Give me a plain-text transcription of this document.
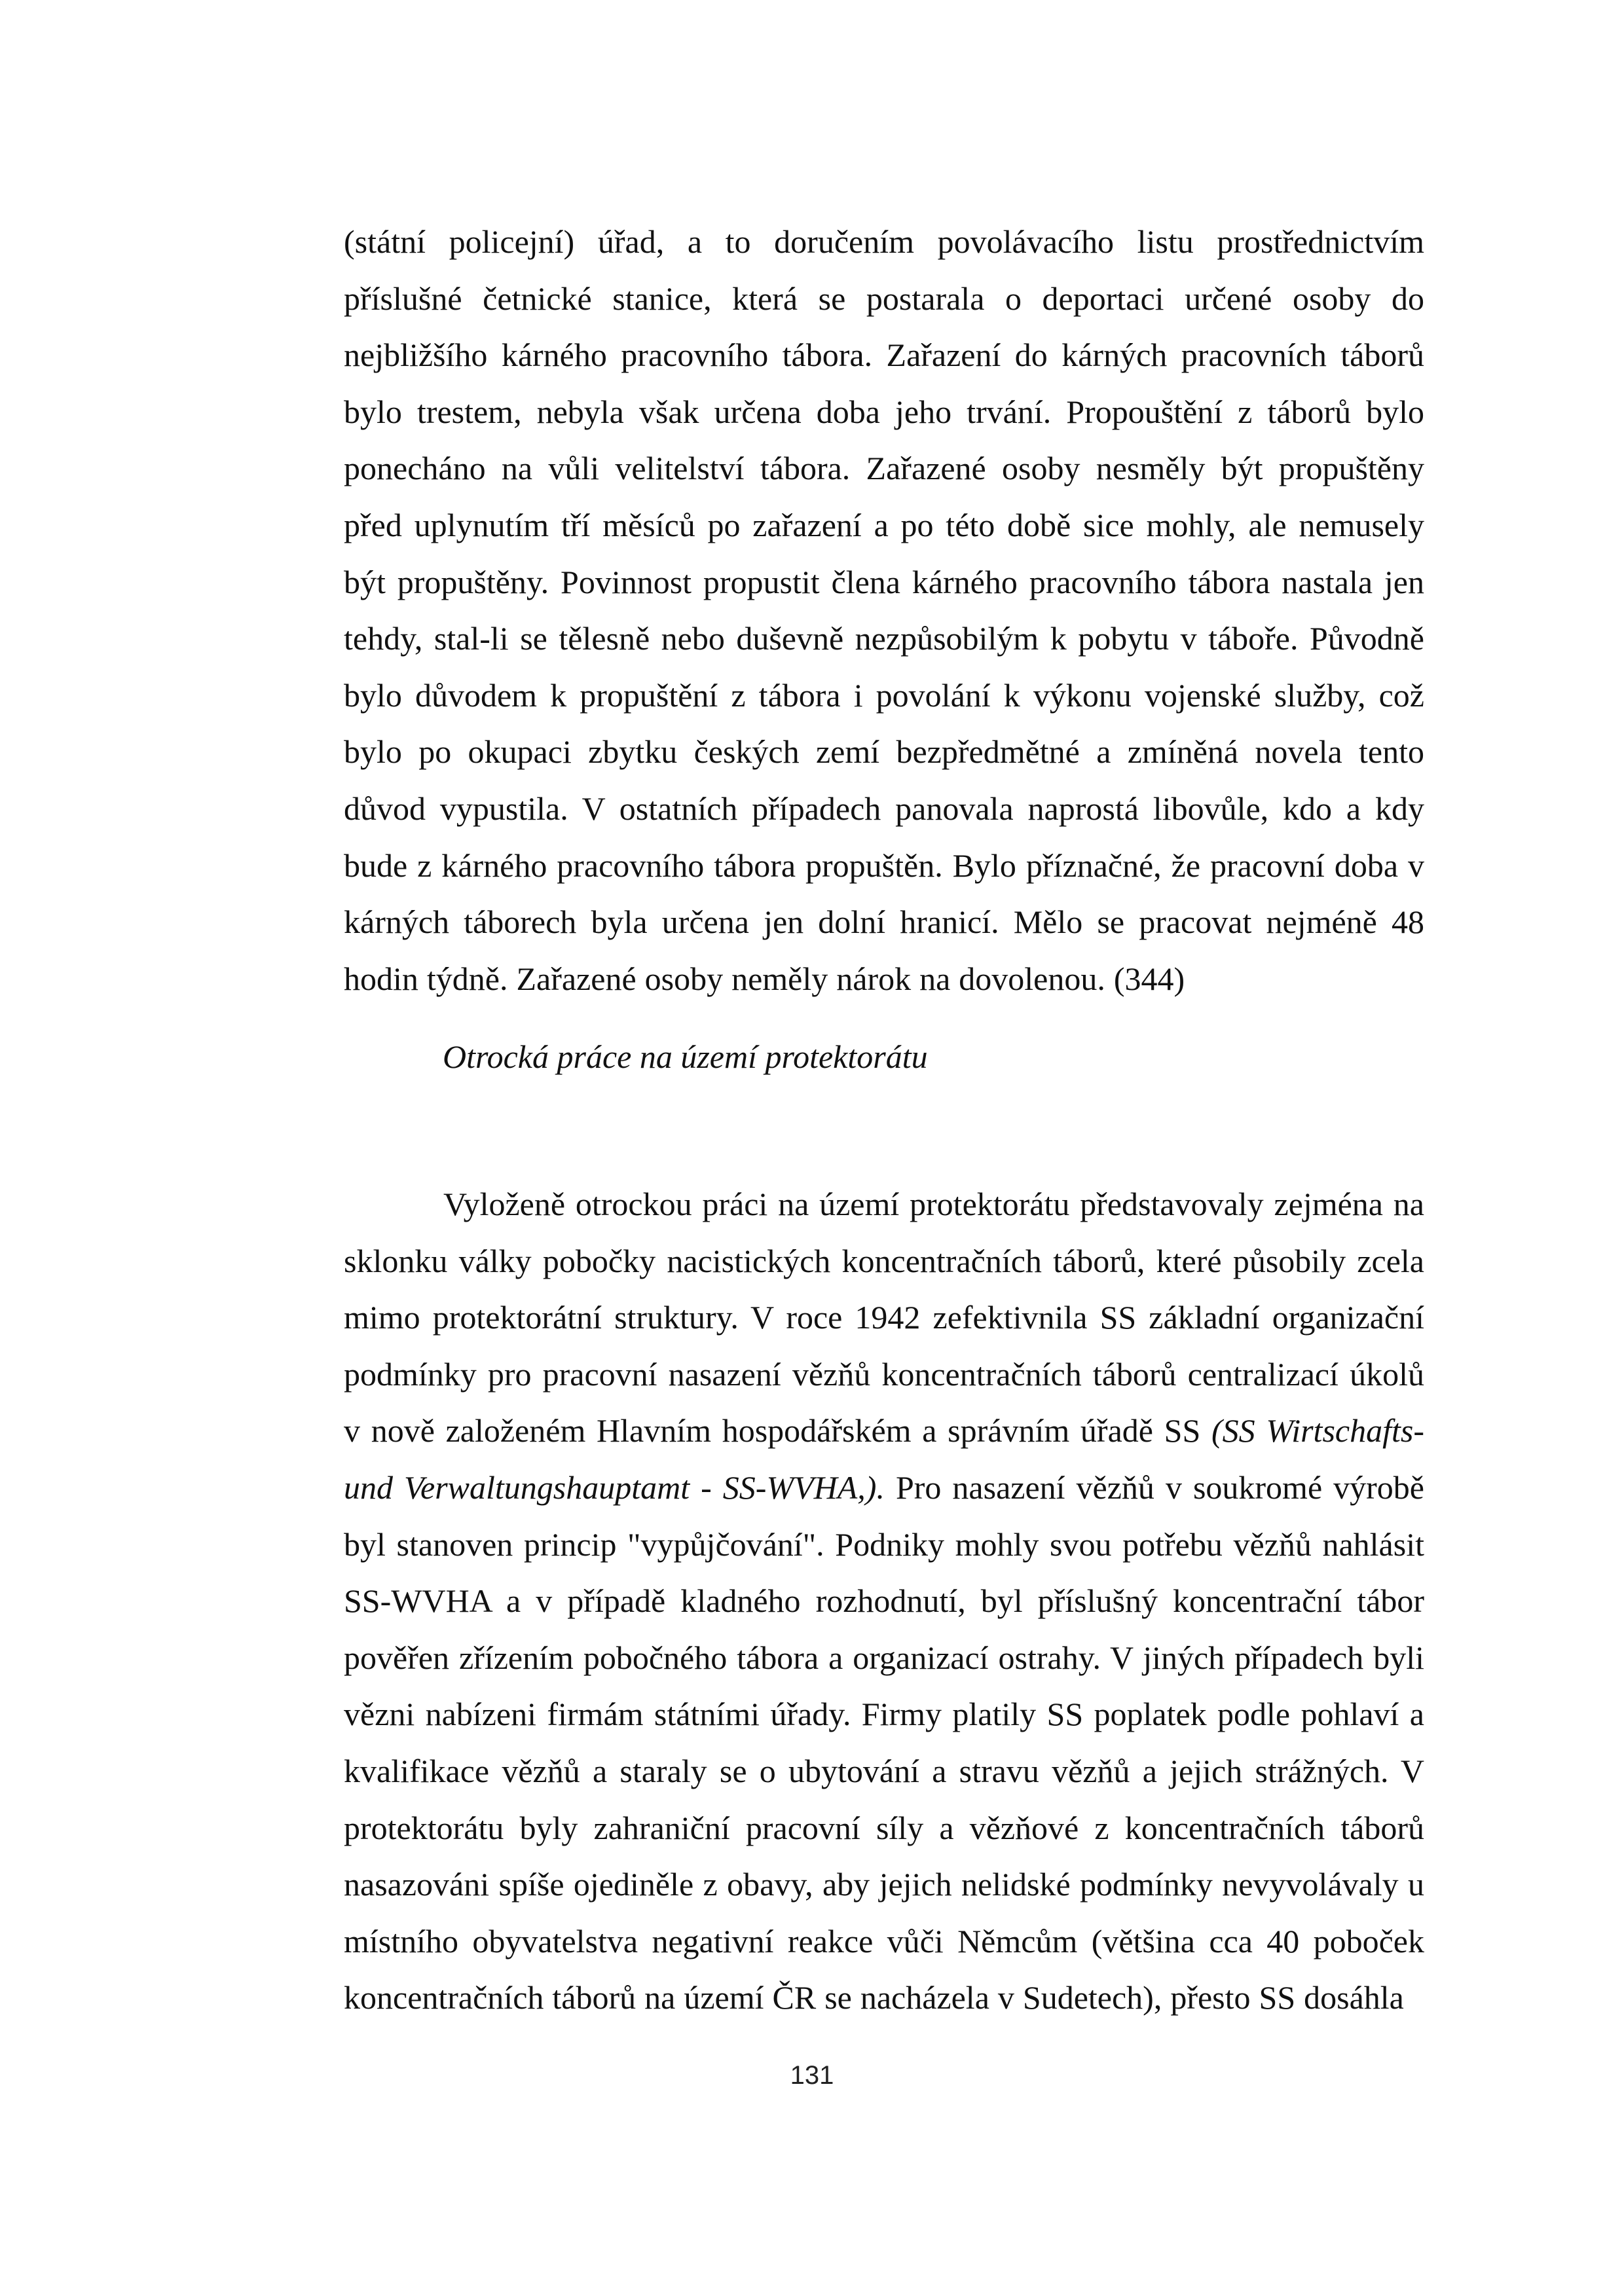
(státní policejní) úřad, a to doručením povolávacího listu prostřednictvím příslušné četnické stanice, která se postarala o deportaci určené osoby do nejbližšího kárného pracovního tábora. Zařazení do kárných pracovních táborů bylo trestem, nebyla však určena doba jeho trvání. Propouštění z táborů bylo ponecháno na vůli velitelství tábora. Zařazené osoby nesměly být propuštěny před uplynutím tří měsíců po zařazení a po této době sice mohly, ale nemusely být propuštěny. Povinnost propustit člena kárného pracovního tábora nastala jen tehdy, stal-li se tělesně nebo duševně nezpůsobilým k pobytu v táboře. Původně bylo důvodem k propuštění z tábora i povolání k výkonu vojenské služby, což bylo po okupaci zbytku českých zemí bezpředmětné a zmíněná novela tento důvod vypustila. V ostatních případech panovala naprostá libovůle, kdo a kdy bude z kárného pracovního tábora propuštěn. Bylo příznačné, že pracovní doba v kárných táborech byla určena jen dolní hranicí. Mělo se pracovat nejméně 48 hodin týdně. Zařazené osoby neměly nárok na dovolenou. (344)

Otrocká práce na území protektorátu

Vyloženě otrockou práci na území protektorátu představovaly zejména na sklonku války pobočky nacistických koncentračních táborů, které působily zcela mimo protektorátní struktury. V roce 1942 zefektivnila SS základní organizační podmínky pro pracovní nasazení vězňů koncentračních táborů centralizací úkolů v nově založeném Hlavním hospodářském a správním úřadě SS (SS Wirtschafts-und Verwaltungshauptamt - SS-WVHA,). Pro nasazení vězňů v soukromé výrobě byl stanoven princip "vypůjčování". Podniky mohly svou potřebu vězňů nahlásit SS-WVHA a v případě kladného rozhodnutí, byl příslušný koncentrační tábor pověřen zřízením pobočného tábora a organizací ostrahy. V jiných případech byli vězni nabízeni firmám státními úřady. Firmy platily SS poplatek podle pohlaví a kvalifikace vězňů a staraly se o ubytování a stravu vězňů a jejich strážných. V protektorátu byly zahraniční pracovní síly a vězňové z koncentračních táborů nasazováni spíše ojediněle z obavy, aby jejich nelidské podmínky nevyvolávaly u místního obyvatelstva negativní reakce vůči Němcům (většina cca 40 poboček koncentračních táborů na území ČR se nacházela v Sudetech), přesto SS dosáhla

131
